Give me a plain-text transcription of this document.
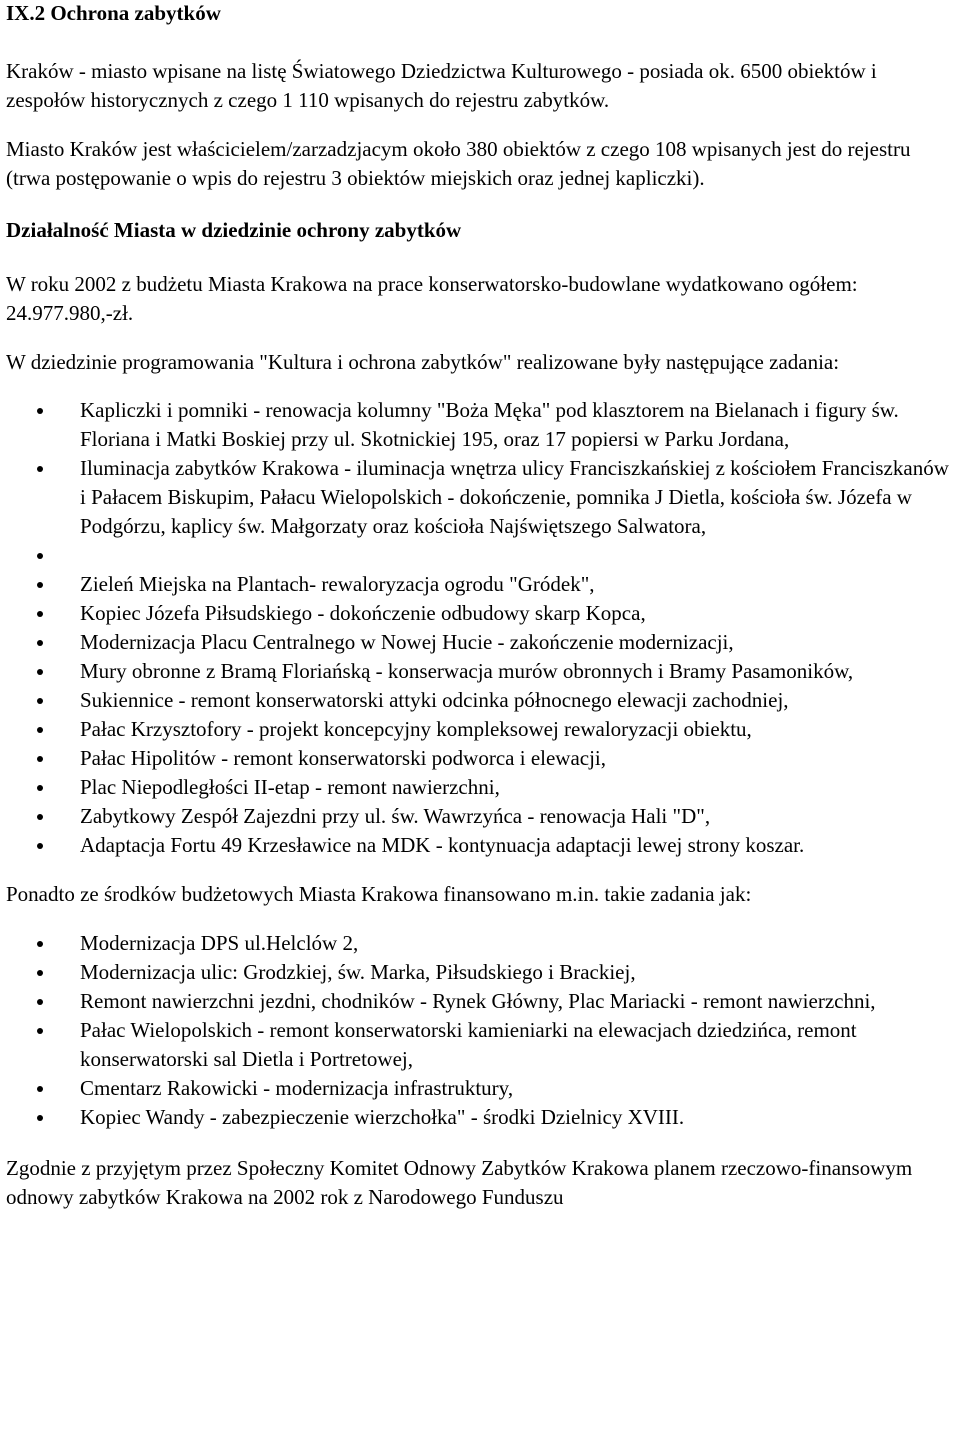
IX.2 Ochrona zabytków

Kraków - miasto wpisane na listę Światowego Dziedzictwa Kulturowego - posiada ok. 6500 obiektów i zespołów historycznych z czego 1 110 wpisanych do rejestru zabytków.

Miasto Kraków jest właścicielem/zarzadzjacym około 380 obiektów z czego 108 wpisanych jest do rejestru (trwa postępowanie o wpis do rejestru 3 obiektów miejskich oraz jednej kapliczki).

Działalność Miasta w dziedzinie ochrony zabytków

W roku 2002 z budżetu Miasta Krakowa na prace konserwatorsko-budowlane wydatkowano ogółem: 24.977.980,-zł.

W dziedzinie programowania "Kultura i ochrona zabytków" realizowane były następujące zadania:

Kapliczki i pomniki - renowacja kolumny "Boża Męka" pod klasztorem na Bielanach i figury św. Floriana i Matki Boskiej przy ul. Skotnickiej 195, oraz 17 popiersi w Parku Jordana,
Iluminacja zabytków Krakowa - iluminacja wnętrza ulicy Franciszkańskiej z kościołem Franciszkanów i Pałacem Biskupim, Pałacu Wielopolskich - dokończenie, pomnika J Dietla, kościoła św. Józefa w Podgórzu, kaplicy św. Małgorzaty oraz kościoła Najświętszego Salwatora,
Zieleń Miejska na Plantach- rewaloryzacja ogrodu "Gródek",
Kopiec Józefa Piłsudskiego - dokończenie odbudowy skarp Kopca,
Modernizacja Placu Centralnego w Nowej Hucie - zakończenie modernizacji,
Mury obronne z Bramą Floriańską - konserwacja murów obronnych i Bramy Pasamoników,
Sukiennice - remont konserwatorski attyki odcinka północnego elewacji zachodniej,
Pałac Krzysztofory - projekt koncepcyjny kompleksowej rewaloryzacji obiektu,
Pałac Hipolitów - remont konserwatorski podworca i elewacji,
Plac Niepodległości II-etap - remont nawierzchni,
Zabytkowy Zespół Zajezdni przy ul. św. Wawrzyńca - renowacja Hali "D",
Adaptacja Fortu 49 Krzesławice na MDK - kontynuacja adaptacji lewej strony koszar.

Ponadto ze środków budżetowych Miasta Krakowa finansowano m.in. takie zadania jak:

Modernizacja DPS ul.Helclów 2,
Modernizacja ulic: Grodzkiej, św. Marka, Piłsudskiego i Brackiej,
Remont nawierzchni jezdni, chodników - Rynek Główny, Plac Mariacki - remont nawierzchni,
Pałac Wielopolskich - remont konserwatorski kamieniarki na elewacjach dziedzińca, remont konserwatorski sal Dietla i Portretowej,
Cmentarz Rakowicki - modernizacja infrastruktury,
Kopiec Wandy - zabezpieczenie wierzchołka" - środki Dzielnicy XVIII.

Zgodnie z przyjętym przez Społeczny Komitet Odnowy Zabytków Krakowa planem rzeczowo-finansowym odnowy zabytków Krakowa na 2002 rok z Narodowego Funduszu
